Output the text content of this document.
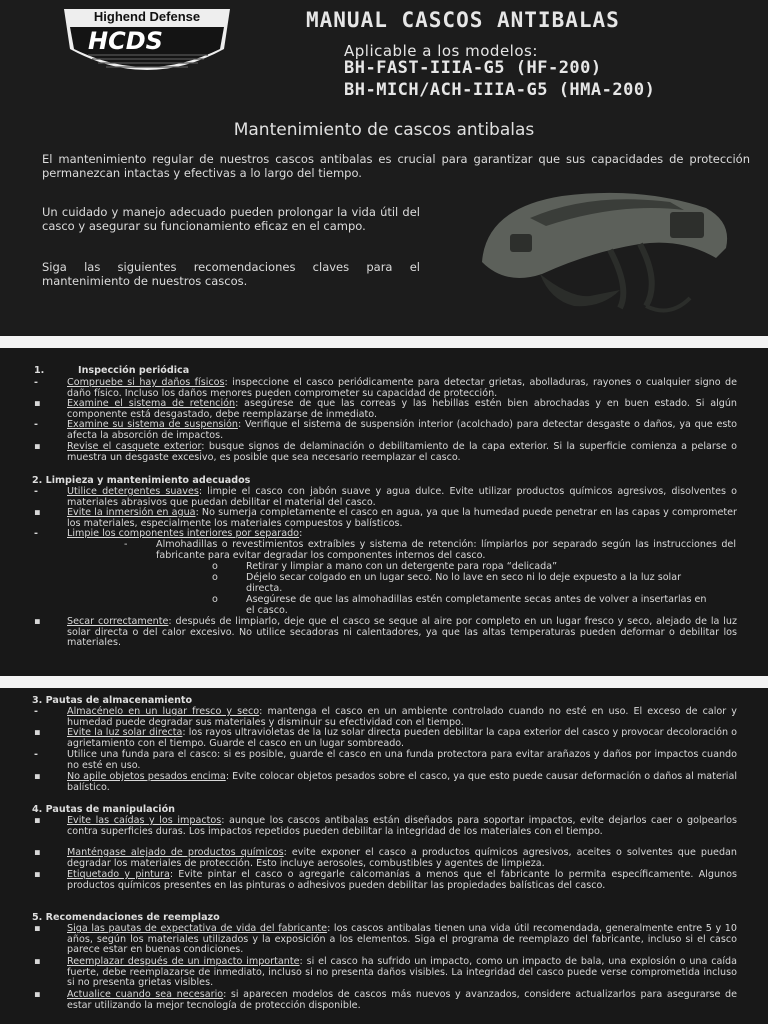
HCDS
Highend Defense	MANUAL CASCOS ANTIBALAS
Aplicable a los modelos:
BH-FAST-IIIA-G5 (HF-200)
BH-MICH/ACH-IIIA-G5 (HMA-200)
Mantenimiento de cascos antibalas
El mantenimiento regular de nuestros cascos antibalas es crucial para garantizar que sus capacidades de protección permanezcan intactas y efectivas a lo largo del tiempo.
Un cuidado y manejo adecuado pueden prolongar la vida útil del casco y asegurar su funcionamiento eficaz en el campo.
Siga las siguientes recomendaciones claves para el mantenimiento de nuestros cascos.
1.	Inspección periódica
-	Compruebe si hay daños físicos: inspeccione el casco periódicamente para detectar grietas, abolladuras, rayones o cualquier signo de daño físico. Incluso los daños menores pueden comprometer su capacidad de protección.
▪	Examine el sistema de retención: asegúrese de que las correas y las hebillas estén bien abrochadas y en buen estado. Si algún componente está desgastado, debe reemplazarse de inmediato.
-	Examine su sistema de suspensión: Verifique el sistema de suspensión interior (acolchado) para detectar desgaste o daños, ya que esto afecta la absorción de impactos.
▪	Revise el casquete exterior: busque signos de delaminación o debilitamiento de la capa exterior. Si la superficie comienza a pelarse o muestra un desgaste excesivo, es posible que sea necesario reemplazar el casco.
2. Limpieza y mantenimiento adecuados
-	Utilice detergentes suaves: limpie el casco con jabón suave y agua dulce. Evite utilizar productos químicos agresivos, disolventes o materiales abrasivos que puedan debilitar el material del casco.
▪	Evite la inmersión en agua: No sumerja completamente el casco en agua, ya que la humedad puede penetrar en las capas y comprometer los materiales, especialmente los materiales compuestos y balísticos.
-	Limpie los componentes interiores por separado:
-	Almohadillas o revestimientos extraíbles y sistema de retención: límpiarlos por separado según las instrucciones del fabricante para evitar degradar los componentes internos del casco.
o	Retirar y limpiar a mano con un detergente para ropa “delicada”
o	Déjelo secar colgado en un lugar seco. No lo lave en seco ni lo deje expuesto a la luz solar directa.
o	Asegúrese de que las almohadillas estén completamente secas antes de volver a insertarlas en el casco.
▪	Secar correctamente: después de limpiarlo, deje que el casco se seque al aire por completo en un lugar fresco y seco, alejado de la luz solar directa o del calor excesivo. No utilice secadoras ni calentadores, ya que las altas temperaturas pueden deformar o debilitar los materiales.
3. Pautas de almacenamiento
-	Almacénelo en un lugar fresco y seco: mantenga el casco en un ambiente controlado cuando no esté en uso. El exceso de calor y humedad puede degradar sus materiales y disminuir su efectividad con el tiempo.
▪	Evite la luz solar directa: los rayos ultravioletas de la luz solar directa pueden debilitar la capa exterior del casco y provocar decoloración o agrietamiento con el tiempo. Guarde el casco en un lugar sombreado.
-	Utilice una funda para el casco: si es posible, guarde el casco en una funda protectora para evitar arañazos y daños por impactos cuando no esté en uso.
▪	No apile objetos pesados encima: Evite colocar objetos pesados sobre el casco, ya que esto puede causar deformación o daños al material balístico.
4. Pautas de manipulación
▪	Evite las caídas y los impactos: aunque los cascos antibalas están diseñados para soportar impactos, evite dejarlos caer o golpearlos contra superficies duras. Los impactos repetidos pueden debilitar la integridad de los materiales con el tiempo.
▪	Manténgase alejado de productos químicos: evite exponer el casco a productos químicos agresivos, aceites o solventes que puedan degradar los materiales de protección. Esto incluye aerosoles, combustibles y agentes de limpieza.
▪	Etiquetado y pintura: Evite pintar el casco o agregarle calcomanías a menos que el fabricante lo permita específicamente. Algunos productos químicos presentes en las pinturas o adhesivos pueden debilitar las propiedades balísticas del casco.
5. Recomendaciones de reemplazo
▪	Siga las pautas de expectativa de vida del fabricante: los cascos antibalas tienen una vida útil recomendada, generalmente entre 5 y 10 años, según los materiales utilizados y la exposición a los elementos. Siga el programa de reemplazo del fabricante, incluso si el casco parece estar en buenas condiciones.
▪	Reemplazar después de un impacto importante: si el casco ha sufrido un impacto, como un impacto de bala, una explosión o una caída fuerte, debe reemplazarse de inmediato, incluso si no presenta daños visibles. La integridad del casco puede verse comprometida incluso si no presenta grietas visibles.
▪	Actualice cuando sea necesario: si aparecen modelos de cascos más nuevos y avanzados, considere actualizarlos para asegurarse de estar utilizando la mejor tecnología de protección disponible.
